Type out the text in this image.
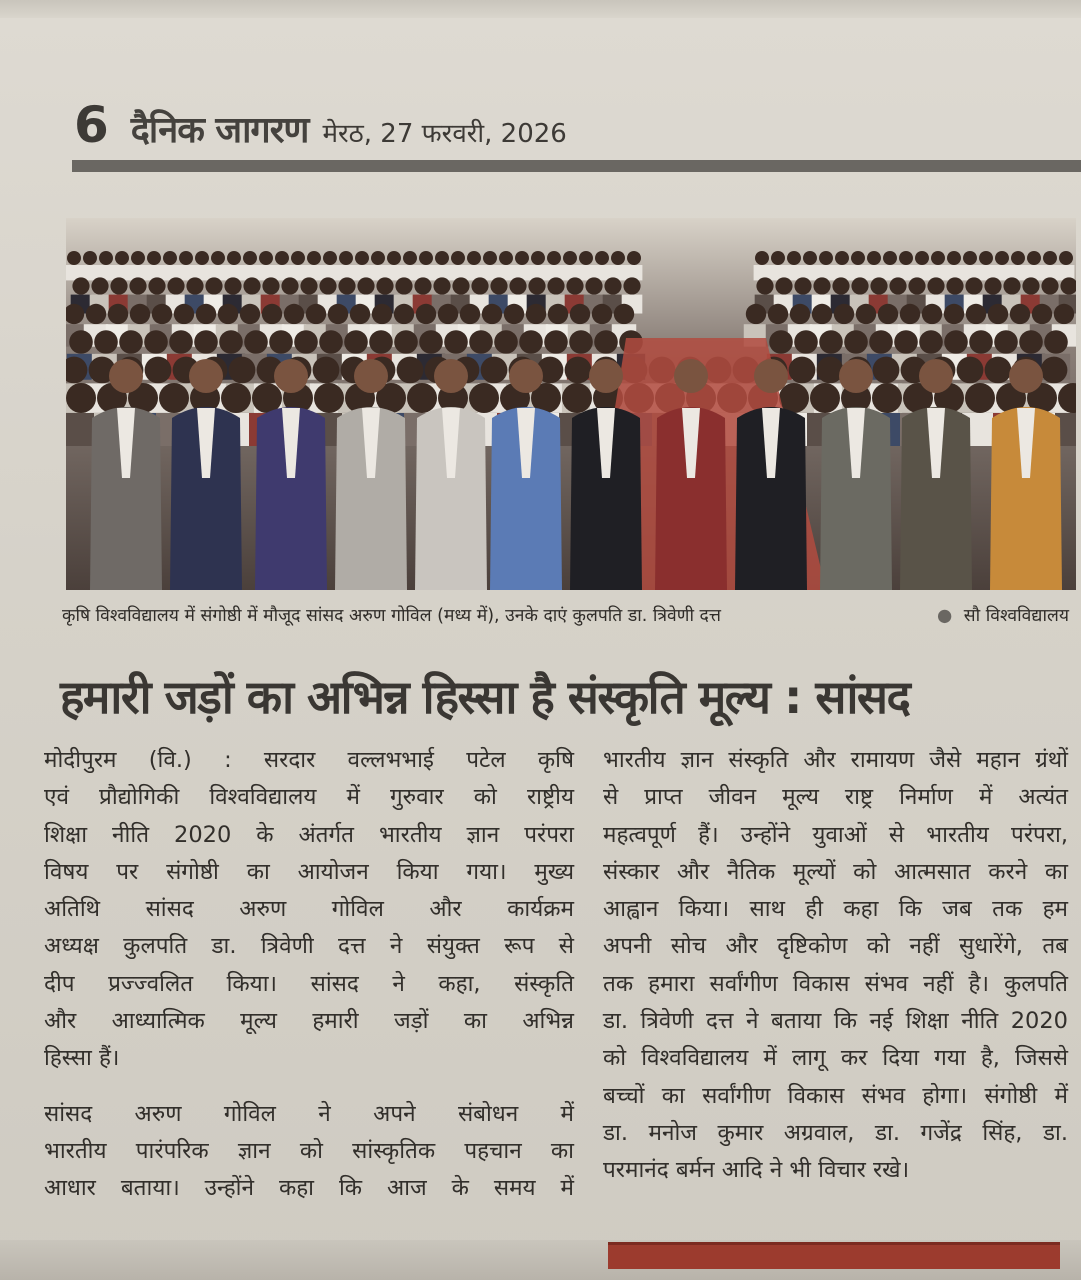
6 दैनिक जागरण मेरठ, 27 फरवरी, 2026
कृषि विश्वविद्यालय में संगोष्ठी में मौजूद सांसद अरुण गोविल (मध्य में), उनके दाएं कुलपति डा. त्रिवेणी दत्त	● सौ विश्वविद्यालय
हमारी जड़ों का अभिन्न हिस्सा है संस्कृति मूल्य : सांसद
मोदीपुरम (वि.) : सरदार वल्लभभाई पटेल कृषि
एवं प्रौद्योगिकी विश्वविद्यालय में गुरुवार को राष्ट्रीय
शिक्षा नीति 2020 के अंतर्गत भारतीय ज्ञान परंपरा
विषय पर संगोष्ठी का आयोजन किया गया। मुख्य
अतिथि सांसद अरुण गोविल और कार्यक्रम
अध्यक्ष कुलपति डा. त्रिवेणी दत्त ने संयुक्त रूप से
दीप प्रज्ज्वलित किया। सांसद ने कहा, संस्कृति
और आध्यात्मिक मूल्य हमारी जड़ों का अभिन्न
हिस्सा हैं।
सांसद अरुण गोविल ने अपने संबोधन में
भारतीय पारंपरिक ज्ञान को सांस्कृतिक पहचान का
आधार बताया। उन्होंने कहा कि आज के समय में
भारतीय ज्ञान संस्कृति और रामायण जैसे महान ग्रंथों
से प्राप्त जीवन मूल्य राष्ट्र निर्माण में अत्यंत
महत्वपूर्ण हैं। उन्होंने युवाओं से भारतीय परंपरा,
संस्कार और नैतिक मूल्यों को आत्मसात करने का
आह्वान किया। साथ ही कहा कि जब तक हम
अपनी सोच और दृष्टिकोण को नहीं सुधारेंगे, तब
तक हमारा सर्वांगीण विकास संभव नहीं है। कुलपति
डा. त्रिवेणी दत्त ने बताया कि नई शिक्षा नीति 2020
को विश्वविद्यालय में लागू कर दिया गया है, जिससे
बच्चों का सर्वांगीण विकास संभव होगा। संगोष्ठी में
डा. मनोज कुमार अग्रवाल, डा. गजेंद्र सिंह, डा.
परमानंद बर्मन आदि ने भी विचार रखे।
